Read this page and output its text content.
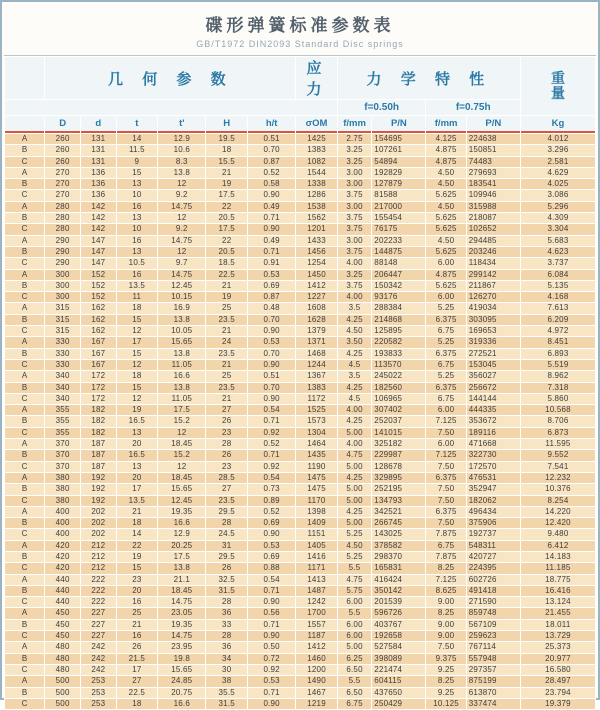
碟形弹簧标准参数表
GB/T1972 DIN2093 Standard Disc springs
	几 何 参 数						应 力	力 学 特 性				重
量

								f=0.50h		f=0.75h		
	D	d	t	t'	H	h/t	σOM	f/mm	P/N	f/mm	P/N	Kg
A	260	131	14	12.9	19.5	0.51	1425	2.75	154695	4.125	224638	4.012
B	260	131	11.5	10.6	18	0.70	1383	3.25	107261	4.875	150851	3.296
C	260	131	9	8.3	15.5	0.87	1082	3.25	54894	4.875	74483	2.581
A	270	136	15	13.8	21	0.52	1544	3.00	192829	4.50	279693	4.629
B	270	136	13	12	19	0.58	1338	3.00	127879	4.50	183541	4.025
C	270	136	10	9.2	17.5	0.90	1286	3.75	81588	5.625	109946	3.086
A	280	142	16	14.75	22	0.49	1538	3.00	217000	4.50	315988	5.296
B	280	142	13	12	20.5	0.71	1562	3.75	155454	5.625	218087	4.309
C	280	142	10	9.2	17.5	0.90	1201	3.75	76175	5.625	102652	3.304
A	290	147	16	14.75	22	0.49	1433	3.00	202233	4.50	294485	5.683
B	290	147	13	12	20.5	0.71	1456	3.75	144875	5.625	203246	4.623
C	290	147	10.5	9.7	18.5	0.91	1254	4.00	88148	6.00	118434	3.737
A	300	152	16	14.75	22.5	0.53	1450	3.25	206447	4.875	299142	6.084
B	300	152	13.5	12.45	21	0.69	1412	3.75	150342	5.625	211867	5.135
C	300	152	11	10.15	19	0.87	1227	4.00	93176	6.00	126270	4.168
A	315	162	18	16.9	25	0.48	1608	3.5	288384	5.25	419034	7.613
B	315	162	15	13.8	23.5	0.70	1628	4.25	214868	6.375	303095	6.209
C	315	162	12	10.05	21	0.90	1379	4.50	125895	6.75	169653	4.972
A	330	167	17	15.65	24	0.53	1371	3.50	220582	5.25	319336	8.451
B	330	167	15	13.8	23.5	0.70	1468	4.25	193833	6.375	272521	6.893
C	330	167	12	11.05	21	0.90	1244	4.5	113570	6.75	153045	5.519
A	340	172	18	16.6	25	0.51	1367	3.5	245022	5.25	356027	8.962
B	340	172	15	13.8	23.5	0.70	1383	4.25	182560	6.375	256672	7.318
C	340	172	12	11.05	21	0.90	1172	4.5	106965	6.75	144144	5.860
A	355	182	19	17.5	27	0.54	1525	4.00	307402	6.00	444335	10.568
B	355	182	16.5	15.2	26	0.71	1573	4.25	252037	7.125	353672	8.706
C	355	182	13	12	23	0.92	1304	5.00	141015	7.50	189116	6.873
A	370	187	20	18.45	28	0.52	1464	4.00	325182	6.00	471668	11.595
B	370	187	16.5	15.2	26	0.71	1435	4.75	229987	7.125	322730	9.552
C	370	187	13	12	23	0.92	1190	5.00	128678	7.50	172570	7.541
A	380	192	20	18.45	28.5	0.54	1475	4.25	329895	6.375	476531	12.232
B	380	192	17	15.65	27	0.73	1475	5.00	252195	7.50	352947	10.376
C	380	192	13.5	12.45	23.5	0.89	1170	5.00	134793	7.50	182062	8.254
A	400	202	21	19.35	29.5	0.52	1398	4.25	342521	6.375	496434	14.220
B	400	202	18	16.6	28	0.69	1409	5.00	266745	7.50	375906	12.420
C	400	202	14	12.9	24.5	0.90	1151	5.25	143025	7.875	192737	9.480
A	420	212	22	20.25	31	0.53	1405	4.50	378582	6.75	548311	6.412
B	420	212	19	17.5	29.5	0.69	1416	5.25	298370	7.875	420727	14.183
C	420	212	15	13.8	26	0.88	1171	5.5	165831	8.25	224395	11.185
A	440	222	23	21.1	32.5	0.54	1413	4.75	416424	7.125	602726	18.775
B	440	222	20	18.45	31.5	0.71	1487	5.75	350142	8.625	491418	16.416
C	440	222	16	14.75	28	0.90	1242	6.00	201539	9.00	271590	13.124
A	450	227	25	23.05	36	0.56	1700	5.5	596726	8.25	859748	21.455
B	450	227	21	19.35	33	0.71	1557	6.00	403767	9.00	567109	18.011
C	450	227	16	14.75	28	0.90	1187	6.00	192658	9.00	259623	13.729
A	480	242	26	23.95	36	0.50	1412	5.00	527584	7.50	767114	25.373
B	480	242	21.5	19.8	34	0.72	1460	6.25	398089	9.375	557948	20.977
C	480	242	17	15.65	30	0.92	1200	6.50	221474	9.25	297357	16.580
A	500	253	27	24.85	38	0.53	1490	5.5	604115	8.25	875199	28.497
B	500	253	22.5	20.75	35.5	0.71	1467	6.50	437650	9.25	613870	23.794
C	500	253	18	16.6	31.5	0.90	1219	6.75	250429	10.125	337474	19.379
